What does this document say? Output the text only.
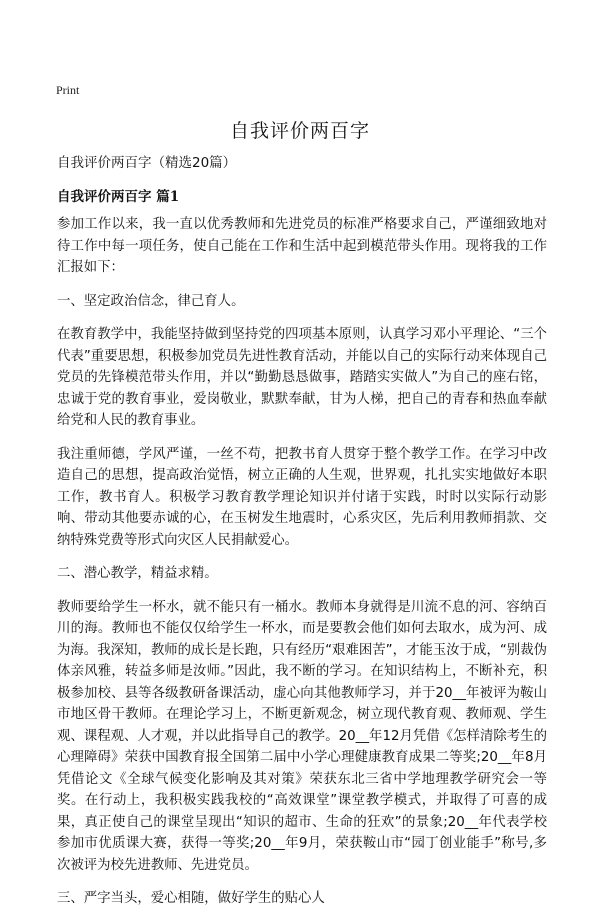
Print
自我评价两百字
自我评价两百字（精选20篇）
自我评价两百字 篇1

参加工作以来，我一直以优秀教师和先进党员的标准严格要求自己，严谨细致地对待工作中每一项任务，使自己能在工作和生活中起到模范带头作用。现将我的工作汇报如下：

一、坚定政治信念，律己育人。

在教育教学中，我能坚持做到坚持党的四项基本原则，认真学习邓小平理论、“三个代表”重要思想，积极参加党员先进性教育活动，并能以自己的实际行动来体现自己党员的先锋模范带头作用，并以“勤勤恳恳做事，踏踏实实做人”为自己的座右铭，忠诚于党的教育事业，爱岗敬业，默默奉献，甘为人梯，把自己的青春和热血奉献给党和人民的教育事业。

我注重师德，学风严谨，一丝不苟，把教书育人贯穿于整个教学工作。在学习中改造自己的思想，提高政治觉悟，树立正确的人生观，世界观，扎扎实实地做好本职工作，教书育人。积极学习教育教学理论知识并付诸于实践，时时以实际行动影响、带动其他要赤诚的心，在玉树发生地震时，心系灾区，先后利用教师捐款、交纳特殊党费等形式向灾区人民捐献爱心。

二、潜心教学，精益求精。

教师要给学生一杯水，就不能只有一桶水。教师本身就得是川流不息的河、容纳百川的海。教师也不能仅仅给学生一杯水，而是要教会他们如何去取水，成为河、成为海。我深知，教师的成长是长跑，只有经历“艰难困苦”，才能玉汝于成，“别裁伪体亲风雅，转益多师是汝师。”因此，我不断的学习。在知识结构上，不断补充，积极参加校、县等各级教研备课活动，虚心向其他教师学习，并于20__年被评为鞍山市地区骨干教师。在理论学习上，不断更新观念，树立现代教育观、教师观、学生观、课程观、人才观，并以此指导自己的教学。20__年12月凭借《怎样清除考生的心理障碍》荣获中国教育报全国第二届中小学心理健康教育成果二等奖;20__年8月凭借论文《全球气候变化影响及其对策》荣获东北三省中学地理教学研究会一等奖。在行动上，我积极实践我校的“高效课堂”课堂教学模式，并取得了可喜的成果，真正使自己的课堂呈现出“知识的超市、生命的狂欢”的景象;20__年代表学校参加市优质课大赛，获得一等奖;20__年9月，荣获鞍山市“园丁创业能手”称号,多次被评为校先进教师、先进党员。

三、严字当头，爱心相随，做好学生的贴心人
